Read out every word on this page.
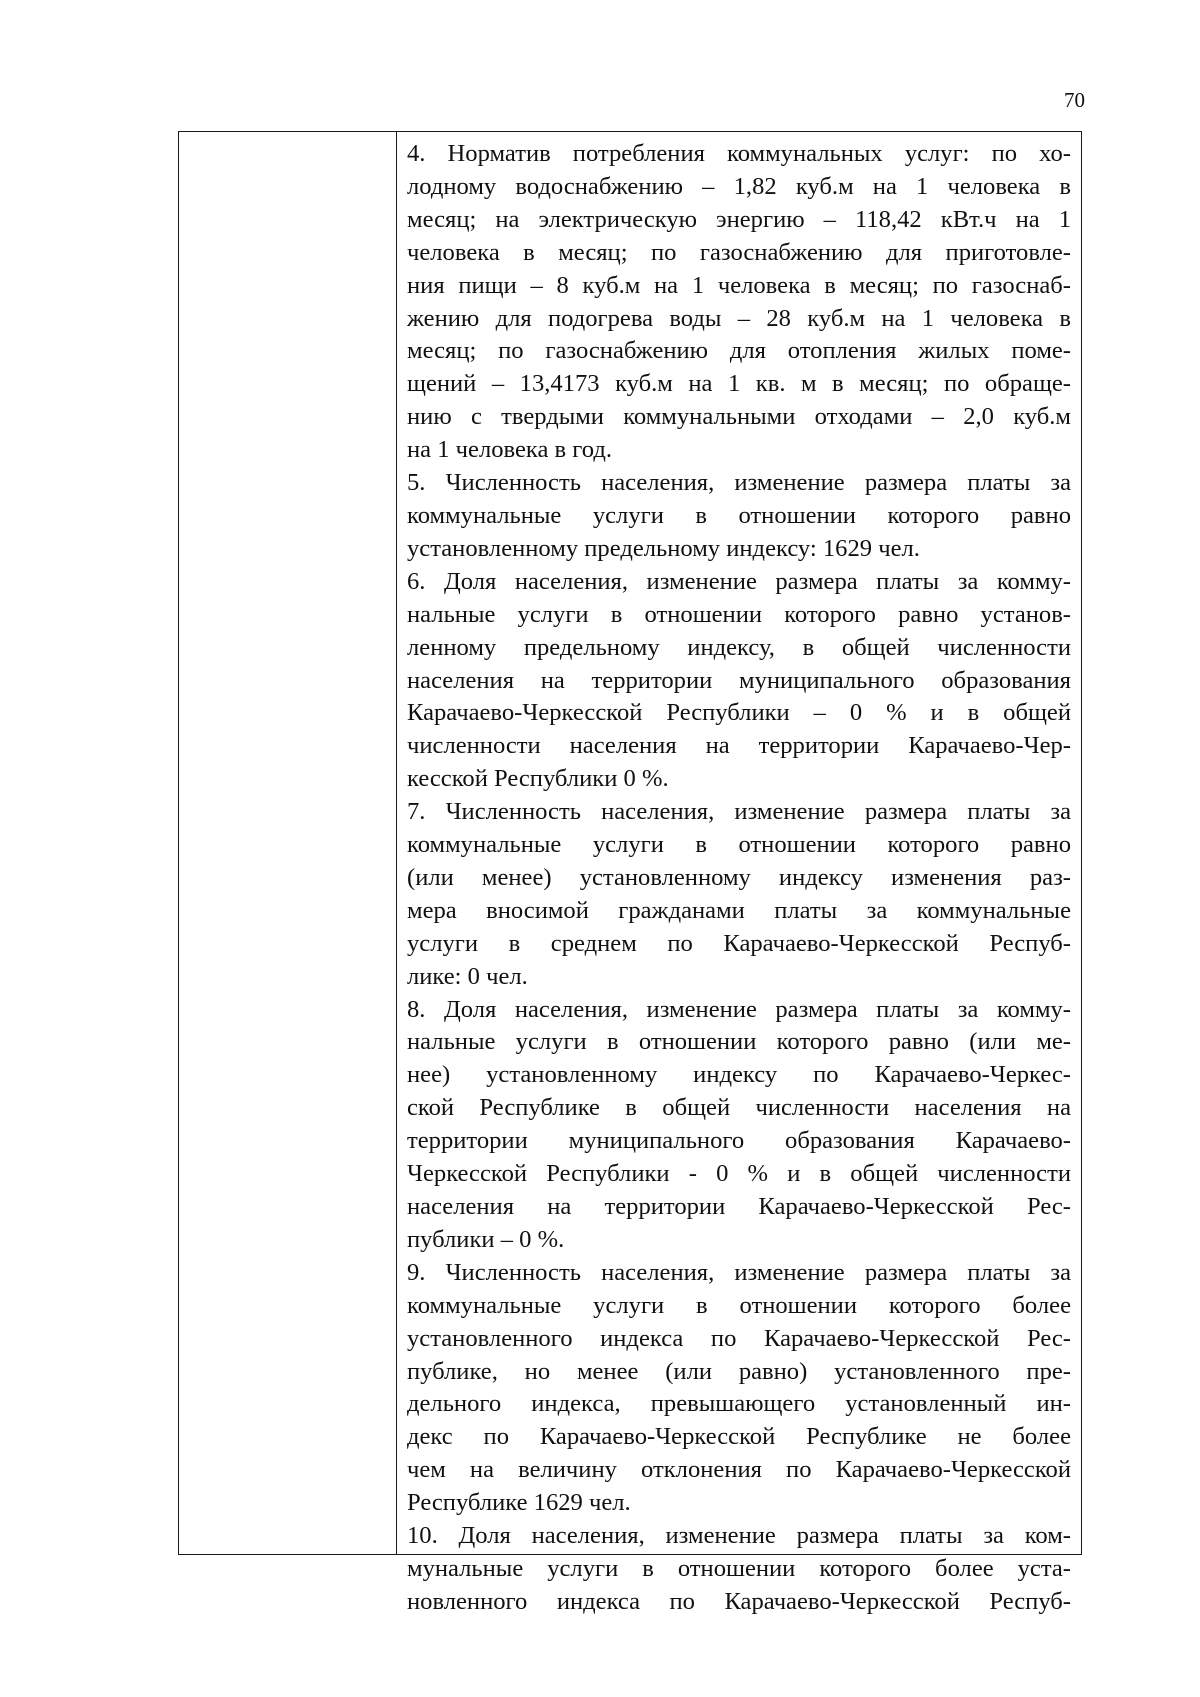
70

4. Норматив потребления коммунальных услуг: по хо-
лодному водоснабжению – 1,82 куб.м на 1 человека в
месяц; на электрическую энергию – 118,42 кВт.ч на 1
человека в месяц; по газоснабжению для приготовле-
ния пищи – 8 куб.м на 1 человека в месяц; по газоснаб-
жению для подогрева воды – 28 куб.м на 1 человека в
месяц; по газоснабжению для отопления жилых поме-
щений – 13,4173 куб.м на 1 кв. м в месяц; по обраще-
нию с твердыми коммунальными отходами – 2,0 куб.м
на 1 человека в год.

5. Численность населения, изменение размера платы за
коммунальные услуги в отношении которого равно
установленному предельному индексу: 1629 чел.

6. Доля населения, изменение размера платы за комму-
нальные услуги в отношении которого равно установ-
ленному предельному индексу, в общей численности
населения на территории муниципального образования
Карачаево-Черкесской Республики – 0 % и в общей
численности населения на территории Карачаево-Чер-
кесской Республики 0 %.

7. Численность населения, изменение размера платы за
коммунальные услуги в отношении которого равно
(или менее) установленному индексу изменения раз-
мера вносимой гражданами платы за коммунальные
услуги в среднем по Карачаево-Черкесской Респуб-
лике: 0 чел.

8. Доля населения, изменение размера платы за комму-
нальные услуги в отношении которого равно (или ме-
нее) установленному индексу по Карачаево-Черкес-
ской Республике в общей численности населения на
территории муниципального образования Карачаево-
Черкесской Республики - 0 % и в общей численности
населения на территории Карачаево-Черкесской Рес-
публики – 0 %.

9. Численность населения, изменение размера платы за
коммунальные услуги в отношении которого более
установленного индекса по Карачаево-Черкесской Рес-
публике, но менее (или равно) установленного пре-
дельного индекса, превышающего установленный ин-
декс по Карачаево-Черкесской Республике не более
чем на величину отклонения по Карачаево-Черкесской
Республике 1629 чел.

10. Доля населения, изменение размера платы за ком-
мунальные услуги в отношении которого более уста-
новленного индекса по Карачаево-Черкесской Респуб-
